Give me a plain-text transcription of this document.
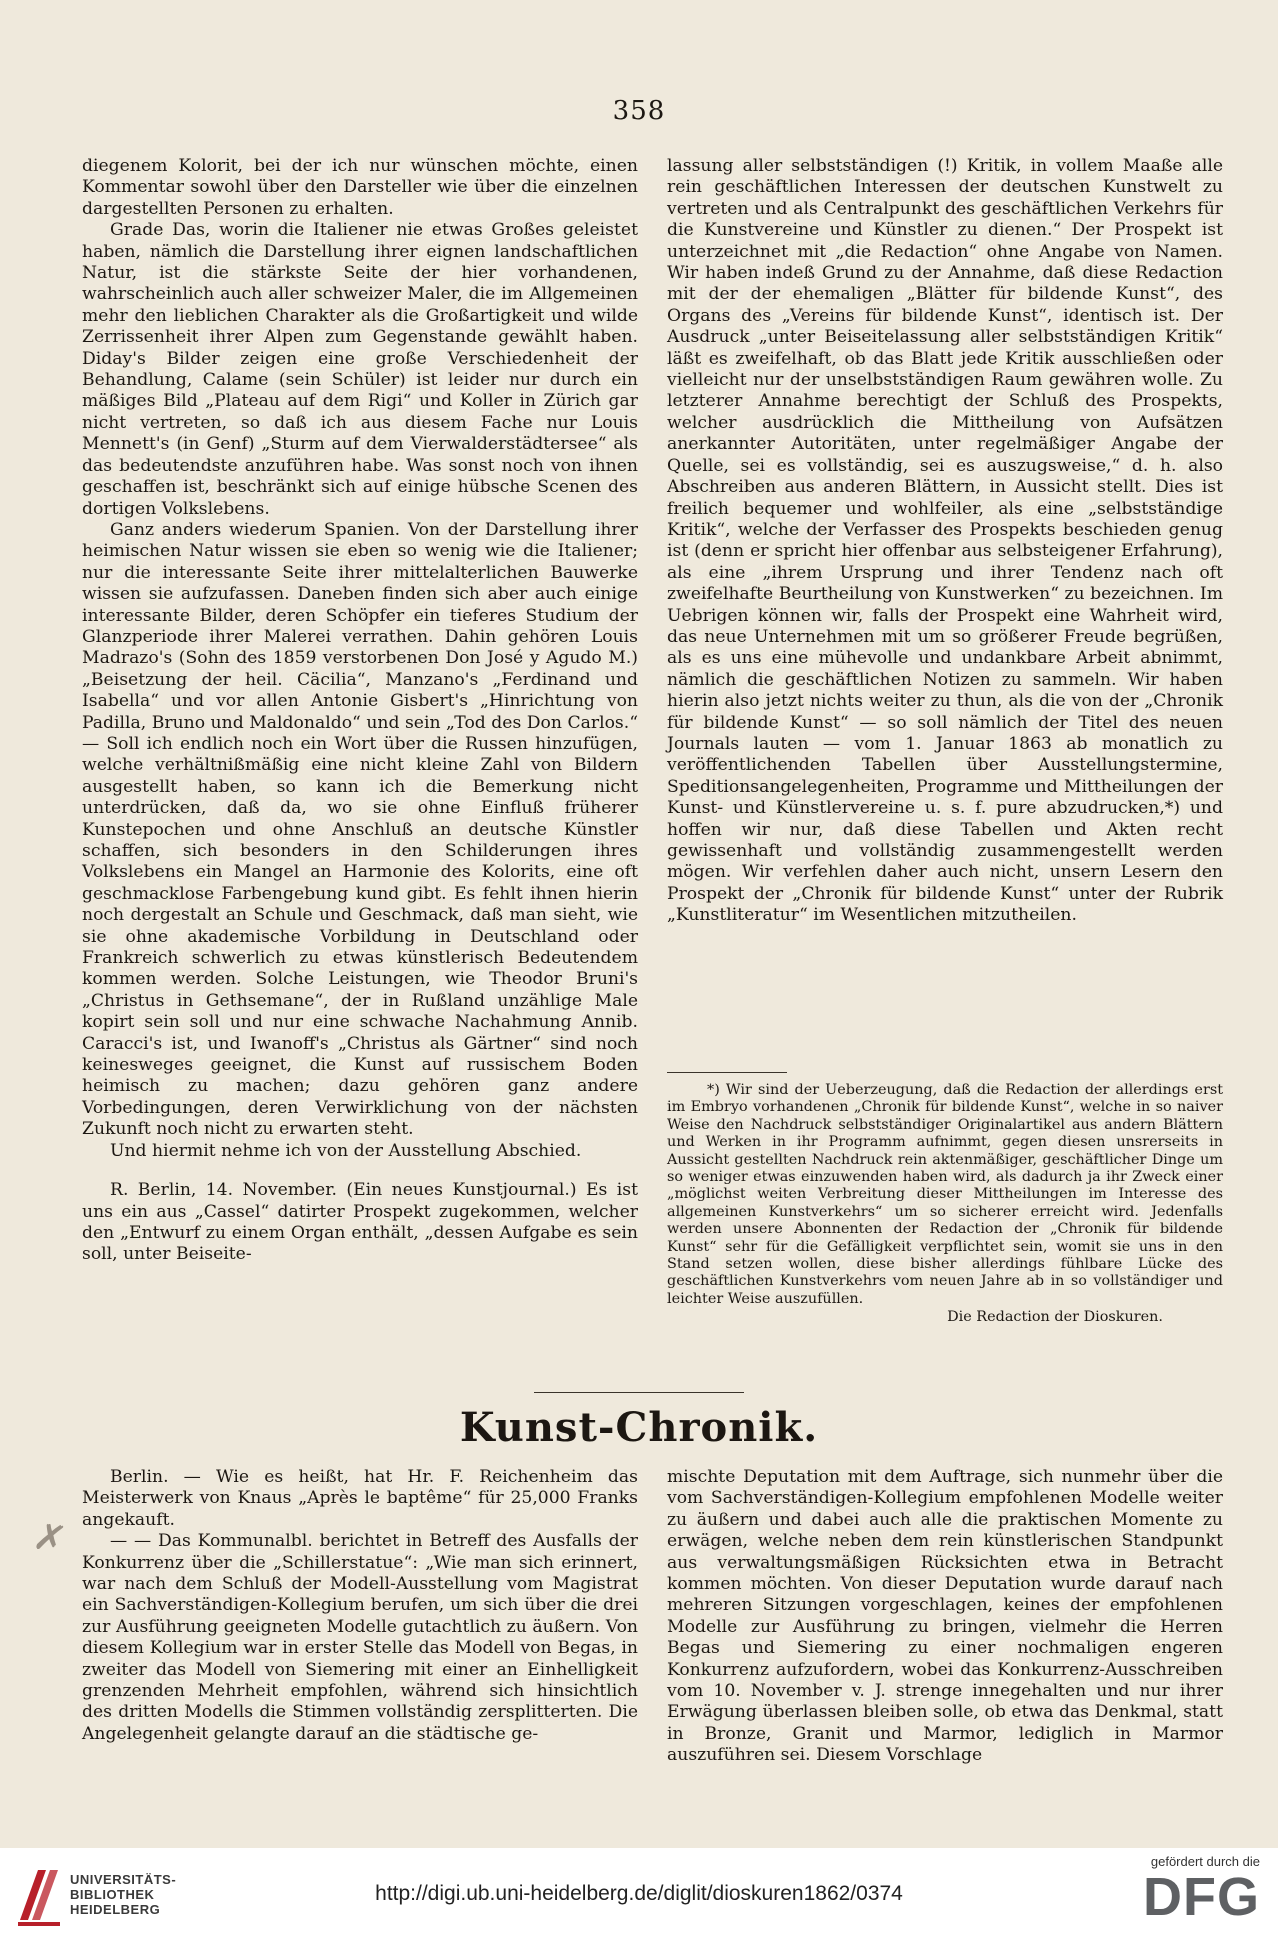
358

diegenem Kolorit, bei der ich nur wünschen möchte, einen Kommentar sowohl über den Darsteller wie über die einzelnen dargestellten Personen zu erhalten.

Grade Das, worin die Italiener nie etwas Großes geleistet haben, nämlich die Darstellung ihrer eignen landschaftlichen Natur, ist die stärkste Seite der hier vorhandenen, wahrscheinlich auch aller schweizer Maler, die im Allgemeinen mehr den lieblichen Charakter als die Großartigkeit und wilde Zerrissenheit ihrer Alpen zum Gegenstande gewählt haben. Diday's Bilder zeigen eine große Verschiedenheit der Behandlung, Calame (sein Schüler) ist leider nur durch ein mäßiges Bild „Plateau auf dem Rigi“ und Koller in Zürich gar nicht vertreten, so daß ich aus diesem Fache nur Louis Mennett's (in Genf) „Sturm auf dem Vierwalderstädtersee“ als das bedeutendste anzuführen habe. Was sonst noch von ihnen geschaffen ist, beschränkt sich auf einige hübsche Scenen des dortigen Volkslebens.

Ganz anders wiederum Spanien. Von der Darstellung ihrer heimischen Natur wissen sie eben so wenig wie die Italiener; nur die interessante Seite ihrer mittelalterlichen Bauwerke wissen sie aufzufassen. Daneben finden sich aber auch einige interessante Bilder, deren Schöpfer ein tieferes Studium der Glanzperiode ihrer Malerei verrathen. Dahin gehören Louis Madrazo's (Sohn des 1859 verstorbenen Don José y Agudo M.) „Beisetzung der heil. Cäcilia“, Manzano's „Ferdinand und Isabella“ und vor allen Antonie Gisbert's „Hinrichtung von Padilla, Bruno und Maldonaldo“ und sein „Tod des Don Carlos.“ — Soll ich endlich noch ein Wort über die Russen hinzufügen, welche verhältnißmäßig eine nicht kleine Zahl von Bildern ausgestellt haben, so kann ich die Bemerkung nicht unterdrücken, daß da, wo sie ohne Einfluß früherer Kunstepochen und ohne Anschluß an deutsche Künstler schaffen, sich besonders in den Schilderungen ihres Volkslebens ein Mangel an Harmonie des Kolorits, eine oft geschmacklose Farbengebung kund gibt. Es fehlt ihnen hierin noch dergestalt an Schule und Geschmack, daß man sieht, wie sie ohne akademische Vorbildung in Deutschland oder Frankreich schwerlich zu etwas künstlerisch Bedeutendem kommen werden. Solche Leistungen, wie Theodor Bruni's „Christus in Gethsemane“, der in Rußland unzählige Male kopirt sein soll und nur eine schwache Nachahmung Annib. Caracci's ist, und Iwanoff's „Christus als Gärtner“ sind noch keinesweges geeignet, die Kunst auf russischem Boden heimisch zu machen; dazu gehören ganz andere Vorbedingungen, deren Verwirklichung von der nächsten Zukunft noch nicht zu erwarten steht.

Und hiermit nehme ich von der Ausstellung Abschied.

R. Berlin, 14. November. (Ein neues Kunstjournal.) Es ist uns ein aus „Cassel“ datirter Prospekt zugekommen, welcher den „Entwurf zu einem Organ enthält, „dessen Aufgabe es sein soll, unter Beiseite-

lassung aller selbstständigen (!) Kritik, in vollem Maaße alle rein geschäftlichen Interessen der deutschen Kunstwelt zu vertreten und als Centralpunkt des geschäftlichen Verkehrs für die Kunstvereine und Künstler zu dienen.“ Der Prospekt ist unterzeichnet mit „die Redaction“ ohne Angabe von Namen. Wir haben indeß Grund zu der Annahme, daß diese Redaction mit der der ehemaligen „Blätter für bildende Kunst“, des Organs des „Vereins für bildende Kunst“, identisch ist. Der Ausdruck „unter Beiseitelassung aller selbstständigen Kritik“ läßt es zweifelhaft, ob das Blatt jede Kritik ausschließen oder vielleicht nur der unselbstständigen Raum gewähren wolle. Zu letzterer Annahme berechtigt der Schluß des Prospekts, welcher ausdrücklich die Mittheilung von Aufsätzen anerkannter Autoritäten, unter regelmäßiger Angabe der Quelle, sei es vollständig, sei es auszugsweise,“ d. h. also Abschreiben aus anderen Blättern, in Aussicht stellt. Dies ist freilich bequemer und wohlfeiler, als eine „selbstständige Kritik“, welche der Verfasser des Prospekts beschieden genug ist (denn er spricht hier offenbar aus selbsteigener Erfahrung), als eine „ihrem Ursprung und ihrer Tendenz nach oft zweifelhafte Beurtheilung von Kunstwerken“ zu bezeichnen. Im Uebrigen können wir, falls der Prospekt eine Wahrheit wird, das neue Unternehmen mit um so größerer Freude begrüßen, als es uns eine mühevolle und undankbare Arbeit abnimmt, nämlich die geschäftlichen Notizen zu sammeln. Wir haben hierin also jetzt nichts weiter zu thun, als die von der „Chronik für bildende Kunst“ — so soll nämlich der Titel des neuen Journals lauten — vom 1. Januar 1863 ab monatlich zu veröffentlichenden Tabellen über Ausstellungstermine, Speditionsangelegenheiten, Programme und Mittheilungen der Kunst- und Künstlervereine u. s. f. pure abzudrucken,*) und hoffen wir nur, daß diese Tabellen und Akten recht gewissenhaft und vollständig zusammengestellt werden mögen. Wir verfehlen daher auch nicht, unsern Lesern den Prospekt der „Chronik für bildende Kunst“ unter der Rubrik „Kunstliteratur“ im Wesentlichen mitzutheilen.

*) Wir sind der Ueberzeugung, daß die Redaction der allerdings erst im Embryo vorhandenen „Chronik für bildende Kunst“, welche in so naiver Weise den Nachdruck selbstständiger Originalartikel aus andern Blättern und Werken in ihr Programm aufnimmt, gegen diesen unsrerseits in Aussicht gestellten Nachdruck rein aktenmäßiger, geschäftlicher Dinge um so weniger etwas einzuwenden haben wird, als dadurch ja ihr Zweck einer „möglichst weiten Verbreitung dieser Mittheilungen im Interesse des allgemeinen Kunstverkehrs“ um so sicherer erreicht wird. Jedenfalls werden unsere Abonnenten der Redaction der „Chronik für bildende Kunst“ sehr für die Gefälligkeit verpflichtet sein, womit sie uns in den Stand setzen wollen, diese bisher allerdings fühlbare Lücke des geschäftlichen Kunstverkehrs vom neuen Jahre ab in so vollständiger und leichter Weise auszufüllen.

Die Redaction der Dioskuren.

Kunst-Chronik.
✗

Berlin. — Wie es heißt, hat Hr. F. Reichenheim das Meisterwerk von Knaus „Après le baptême“ für 25,000 Franks angekauft.

— — Das Kommunalbl. berichtet in Betreff des Ausfalls der Konkurrenz über die „Schillerstatue“: „Wie man sich erinnert, war nach dem Schluß der Modell-Ausstellung vom Magistrat ein Sachverständigen-Kollegium berufen, um sich über die drei zur Ausführung geeigneten Modelle gutachtlich zu äußern. Von diesem Kollegium war in erster Stelle das Modell von Begas, in zweiter das Modell von Siemering mit einer an Einhelligkeit grenzenden Mehrheit empfohlen, während sich hinsichtlich des dritten Modells die Stimmen vollständig zersplitterten. Die Angelegenheit gelangte darauf an die städtische ge-

mischte Deputation mit dem Auftrage, sich nunmehr über die vom Sachverständigen-Kollegium empfohlenen Modelle weiter zu äußern und dabei auch alle die praktischen Momente zu erwägen, welche neben dem rein künstlerischen Standpunkt aus verwaltungsmäßigen Rücksichten etwa in Betracht kommen möchten. Von dieser Deputation wurde darauf nach mehreren Sitzungen vorgeschlagen, keines der empfohlenen Modelle zur Ausführung zu bringen, vielmehr die Herren Begas und Siemering zu einer nochmaligen engeren Konkurrenz aufzufordern, wobei das Konkurrenz-Ausschreiben vom 10. November v. J. strenge innegehalten und nur ihrer Erwägung überlassen bleiben solle, ob etwa das Denkmal, statt in Bronze, Granit und Marmor, lediglich in Marmor auszuführen sei. Diesem Vorschlage

UNIVERSITÄTS-
BIBLIOTHEK
HEIDELBERG
http://digi.ub.uni-heidelberg.de/diglit/dioskuren1862/0374
gefördert durch die
DFG
